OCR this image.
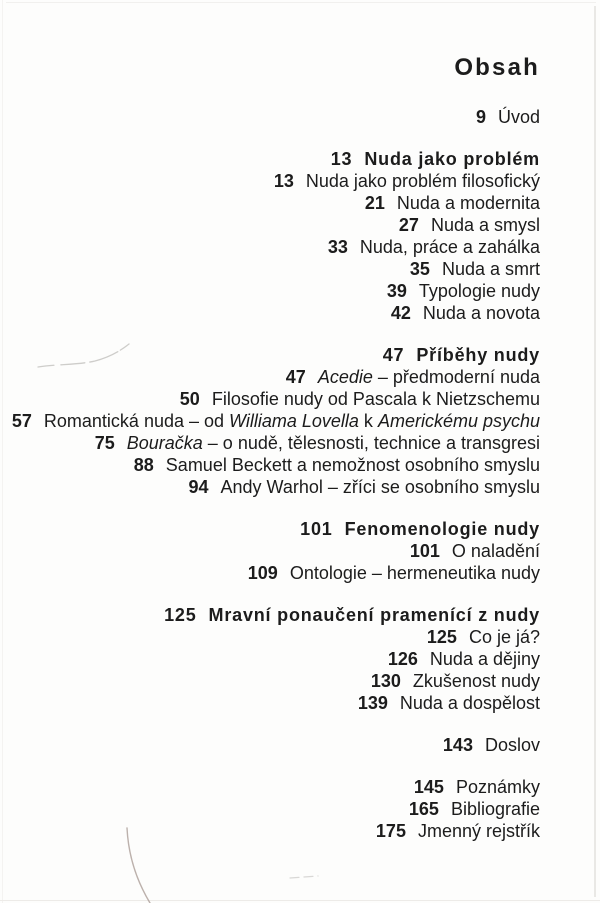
Obsah
9 Úvod
13 Nuda jako problém
13 Nuda jako problém filosofický
21 Nuda a modernita
27 Nuda a smysl
33 Nuda, práce a zahálka
35 Nuda a smrt
39 Typologie nudy
42 Nuda a novota
47 Příběhy nudy
47 Acedie – předmoderní nuda
50 Filosofie nudy od Pascala k Nietzschemu
57 Romantická nuda – od Williama Lovella k Americkému psychu
75 Bouračka – o nudě, tělesnosti, technice a transgresi
88 Samuel Beckett a nemožnost osobního smyslu
94 Andy Warhol – zříci se osobního smyslu
101 Fenomenologie nudy
101 O naladění
109 Ontologie – hermeneutika nudy
125 Mravní ponaučení pramenící z nudy
125 Co je já?
126 Nuda a dějiny
130 Zkušenost nudy
139 Nuda a dospělost
143 Doslov
145 Poznámky
165 Bibliografie
175 Jmenný rejstřík
